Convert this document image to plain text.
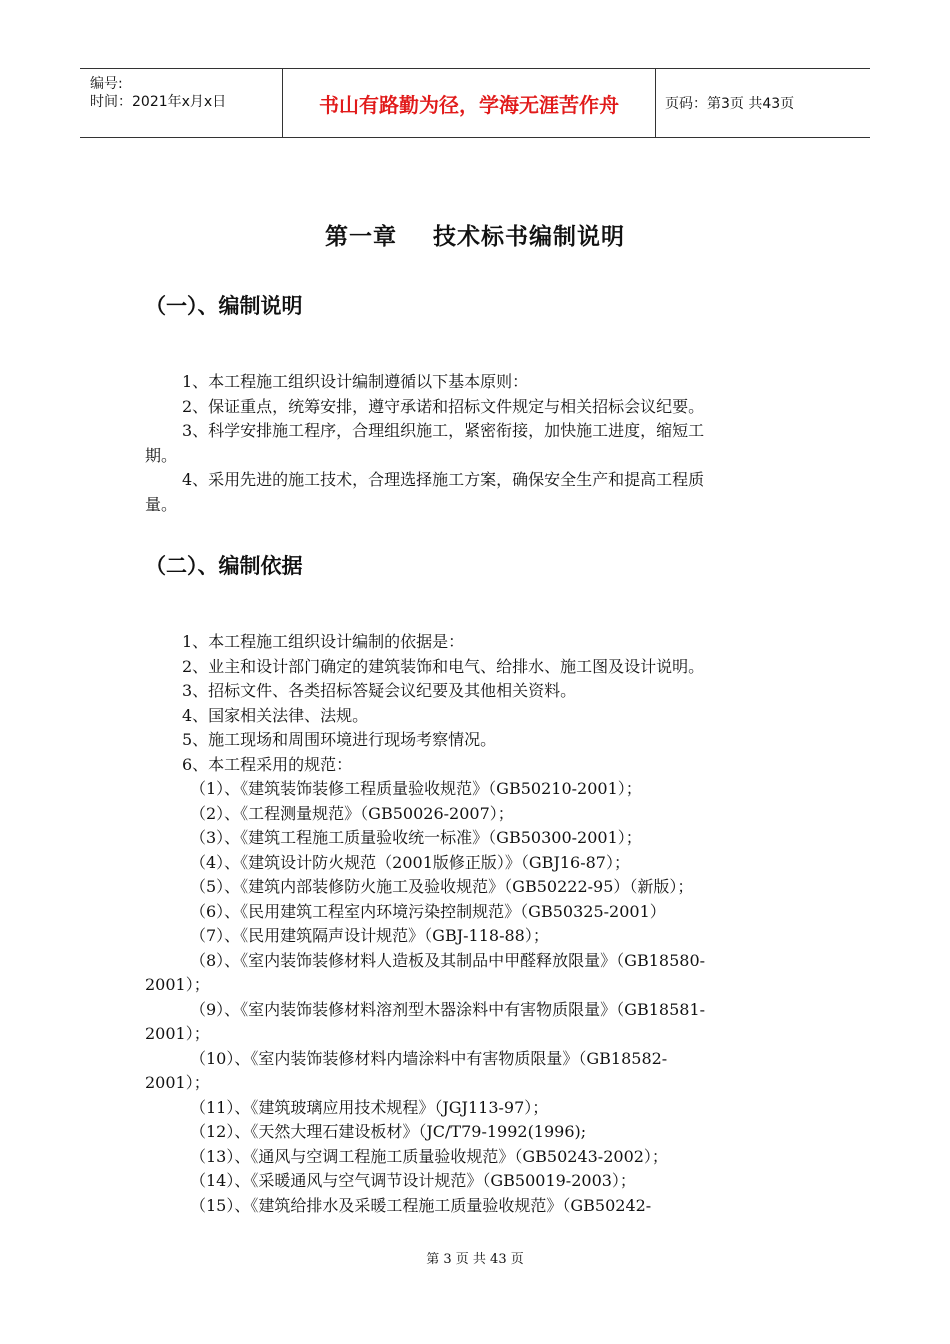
编号:
时间：2021年x月x日	书山有路勤为径，学海无涯苦作舟	页码：第3页 共43页
第一章    技术标书编制说明
（一）、编制说明
1、本工程施工组织设计编制遵循以下基本原则：
2、保证重点，统筹安排，遵守承诺和招标文件规定与相关招标会议纪要。
3、科学安排施工程序，合理组织施工，紧密衔接，加快施工进度，缩短工
期。
4、采用先进的施工技术，合理选择施工方案，确保安全生产和提高工程质
量。
（二）、编制依据
1、本工程施工组织设计编制的依据是：
2、业主和设计部门确定的建筑装饰和电气、给排水、施工图及设计说明。
3、招标文件、各类招标答疑会议纪要及其他相关资料。
4、国家相关法律、法规。
5、施工现场和周围环境进行现场考察情况。
6、本工程采用的规范：
（1）、《建筑装饰装修工程质量验收规范》（GB50210-2001）；
（2）、《工程测量规范》（GB50026-2007）；
（3）、《建筑工程施工质量验收统一标准》（GB50300-2001）；
（4）、《建筑设计防火规范（2001版修正版）》（GBJ16-87）；
（5）、《建筑内部装修防火施工及验收规范》（GB50222-95）（新版）；
（6）、《民用建筑工程室内环境污染控制规范》（GB50325-2001）
（7）、《民用建筑隔声设计规范》（GBJ-118-88）；
（8）、《室内装饰装修材料人造板及其制品中甲醛释放限量》（GB18580-
2001）；
（9）、《室内装饰装修材料溶剂型木器涂料中有害物质限量》（GB18581-
2001）；
（10）、《室内装饰装修材料内墙涂料中有害物质限量》（GB18582-
2001）；
（11）、《建筑玻璃应用技术规程》（JGJ113-97）；
（12）、《天然大理石建设板材》（JC/T79-1992(1996);
（13）、《通风与空调工程施工质量验收规范》（GB50243-2002）；
（14）、《采暖通风与空气调节设计规范》（GB50019-2003）；
（15）、《建筑给排水及采暖工程施工质量验收规范》（GB50242-
第 3 页 共 43 页
